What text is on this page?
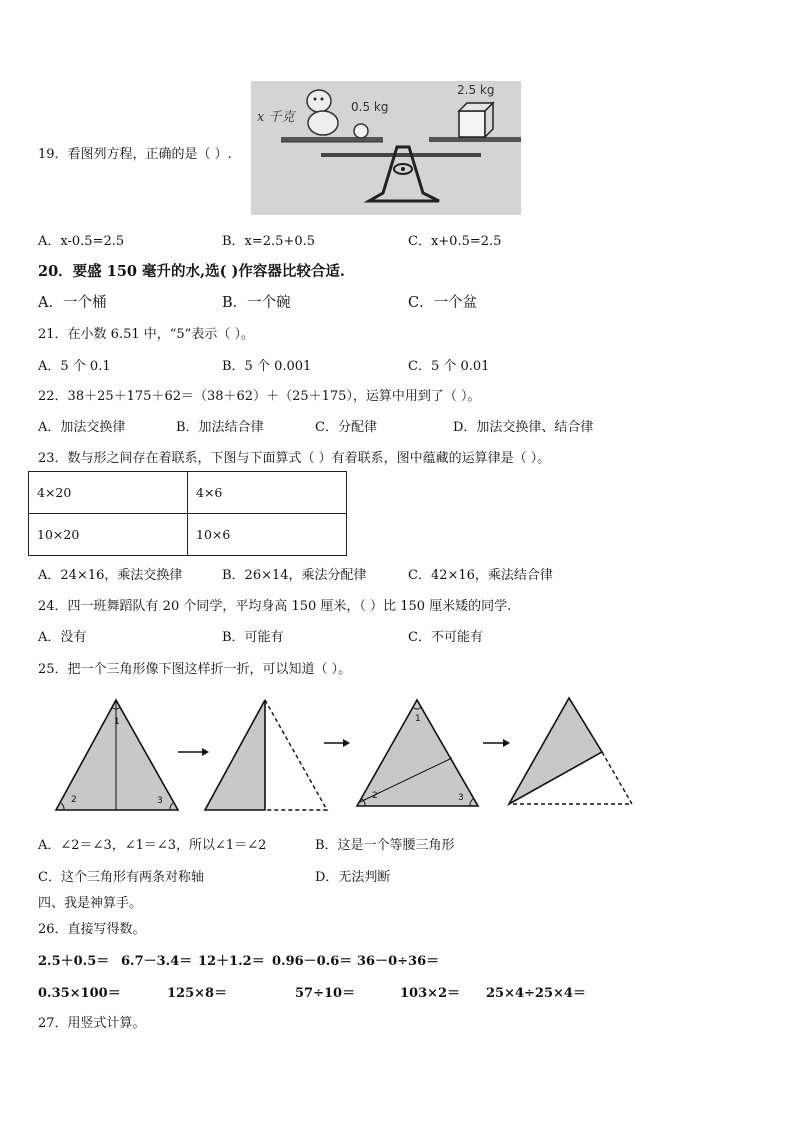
19．看图列方程，正确的是（ ）.
x 千克
0.5 kg
2.5 kg
A．x-0.5=2.5	B．x=2.5+0.5	C．x+0.5=2.5
20．要盛 150 毫升的水,选( )作容器比较合适.
A．一个桶	B．一个碗	C．一个盆
21．在小数 6.51 中，“5”表示（ ）。
A．5 个 0.1	B．5 个 0.001	C．5 个 0.01
22．38＋25＋175＋62＝（38＋62）＋（25＋175），运算中用到了（ ）。
A．加法交换律	B．加法结合律	C．分配律	D．加法交换律、结合律
23．数与形之间存在着联系，下图与下面算式（ ）有着联系，图中蕴藏的运算律是（ ）。
4×20	4×6
10×20	10×6
A．24×16，乘法交换律	B．26×14，乘法分配律	C．42×16，乘法结合律
24．四一班舞蹈队有 20 个同学，平均身高 150 厘米，（ ）比 150 厘米矮的同学.
A．没有	B．可能有	C．不可能有
25．把一个三角形像下图这样折一折，可以知道（ ）。
1
2	3
1
2	3
A．∠2＝∠3，∠1＝∠3，所以∠1＝∠2	B．这是一个等腰三角形
C．这个三角形有两条对称轴	D．无法判断
四、我是神算手。
26．直接写得数。
2.5＋0.5＝ 6.7－3.4＝ 12＋1.2＝ 0.96－0.6＝ 36－0÷36＝
0.35×100＝	125×8＝	57÷10＝	103×2＝ 25×4÷25×4＝
27．用竖式计算。
